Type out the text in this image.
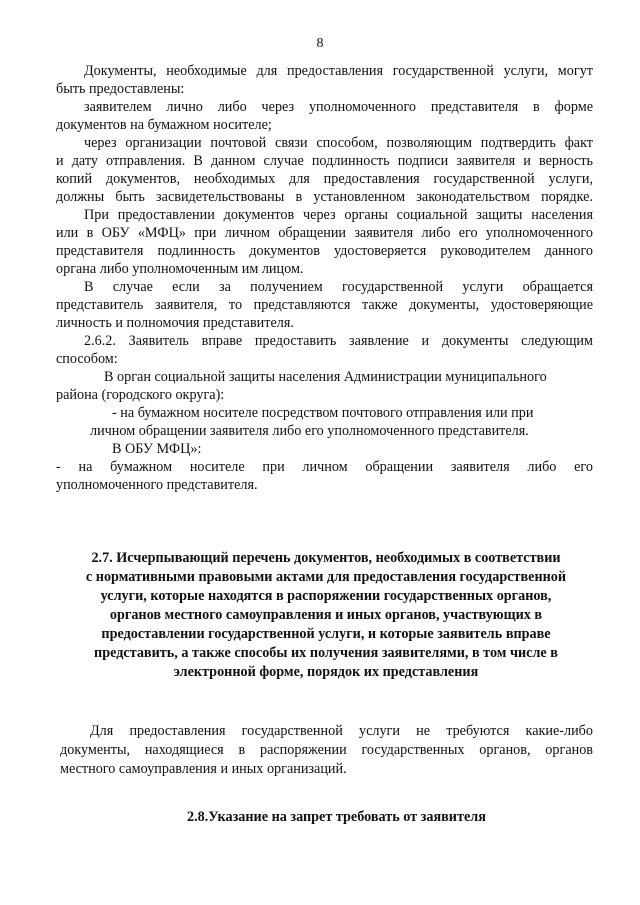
8
Документы, необходимые для предоставления государственной услуги, могут
быть предоставлены:
заявителем лично либо через уполномоченного представителя в форме
документов на бумажном носителе;
через организации почтовой связи способом, позволяющим подтвердить факт
и дату отправления. В данном случае подлинность подписи заявителя и верность
копий документов, необходимых для предоставления государственной услуги,
должны быть засвидетельствованы в установленном законодательством порядке.
При предоставлении документов через органы социальной защиты населения
или в ОБУ «МФЦ» при личном обращении заявителя либо его уполномоченного
представителя подлинность документов удостоверяется руководителем данного
органа либо уполномоченным им лицом.
В случае если за получением государственной услуги обращается
представитель заявителя, то представляются также документы, удостоверяющие
личность и полномочия представителя.
2.6.2. Заявитель вправе предоставить заявление и документы следующим
способом:
В орган социальной защиты населения Администрации муниципального
района (городского округа):
- на бумажном носителе посредством почтового отправления или при
личном обращении заявителя либо его уполномоченного представителя.
В ОБУ МФЦ»:
- на бумажном носителе при личном обращении заявителя либо его
уполномоченного представителя.
2.7. Исчерпывающий перечень документов, необходимых в соответствии
с нормативными правовыми актами для предоставления государственной
услуги, которые находятся в распоряжении государственных органов,
органов местного самоуправления и иных органов, участвующих в
предоставлении государственной услуги, и которые заявитель вправе
представить, а также способы их получения заявителями, в том числе в
электронной форме, порядок их представления
Для предоставления государственной услуги не требуются какие-либо
документы, находящиеся в распоряжении государственных органов, органов
местного самоуправления и иных организаций.
2.8.Указание на запрет требовать от заявителя
